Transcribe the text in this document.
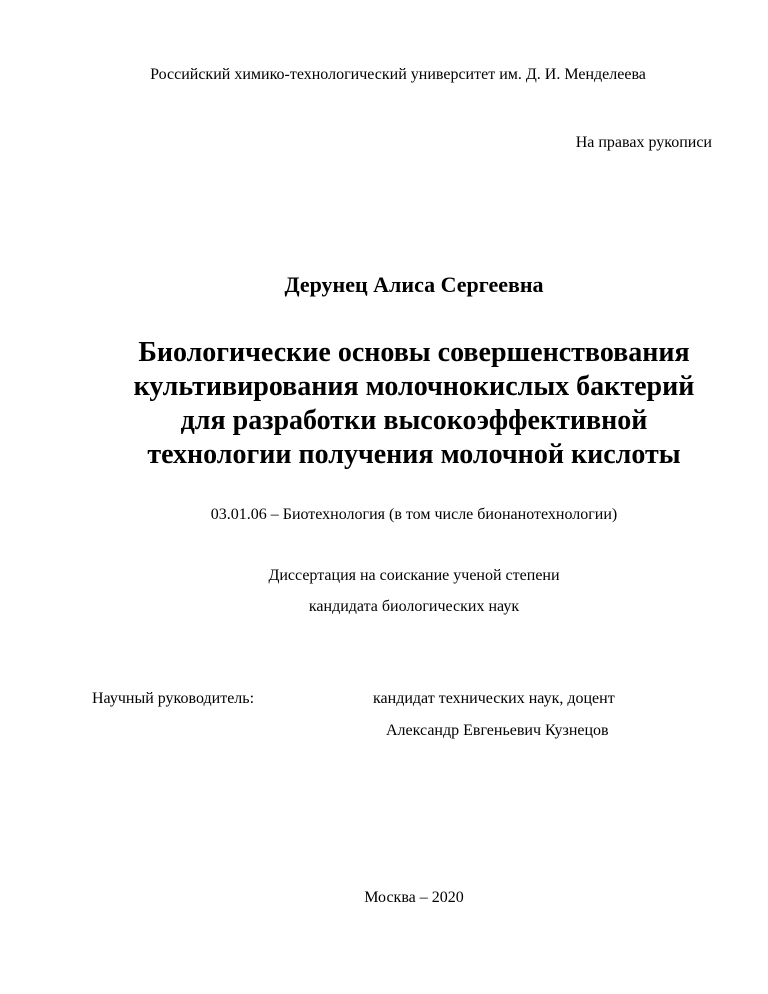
Российский химико-технологический университет им. Д. И. Менделеева

На правах рукописи

Дерунец Алиса Сергеевна

Биологические основы совершенствования
культивирования молочнокислых бактерий
для разработки высокоэффективной
технологии получения молочной кислоты

03.01.06 – Биотехнология (в том числе бионанотехнологии)

Диссертация на соискание ученой степени

кандидата биологических наук

Научный руководитель:	кандидат технических наук, доцент

Александр Евгеньевич Кузнецов

Москва – 2020
